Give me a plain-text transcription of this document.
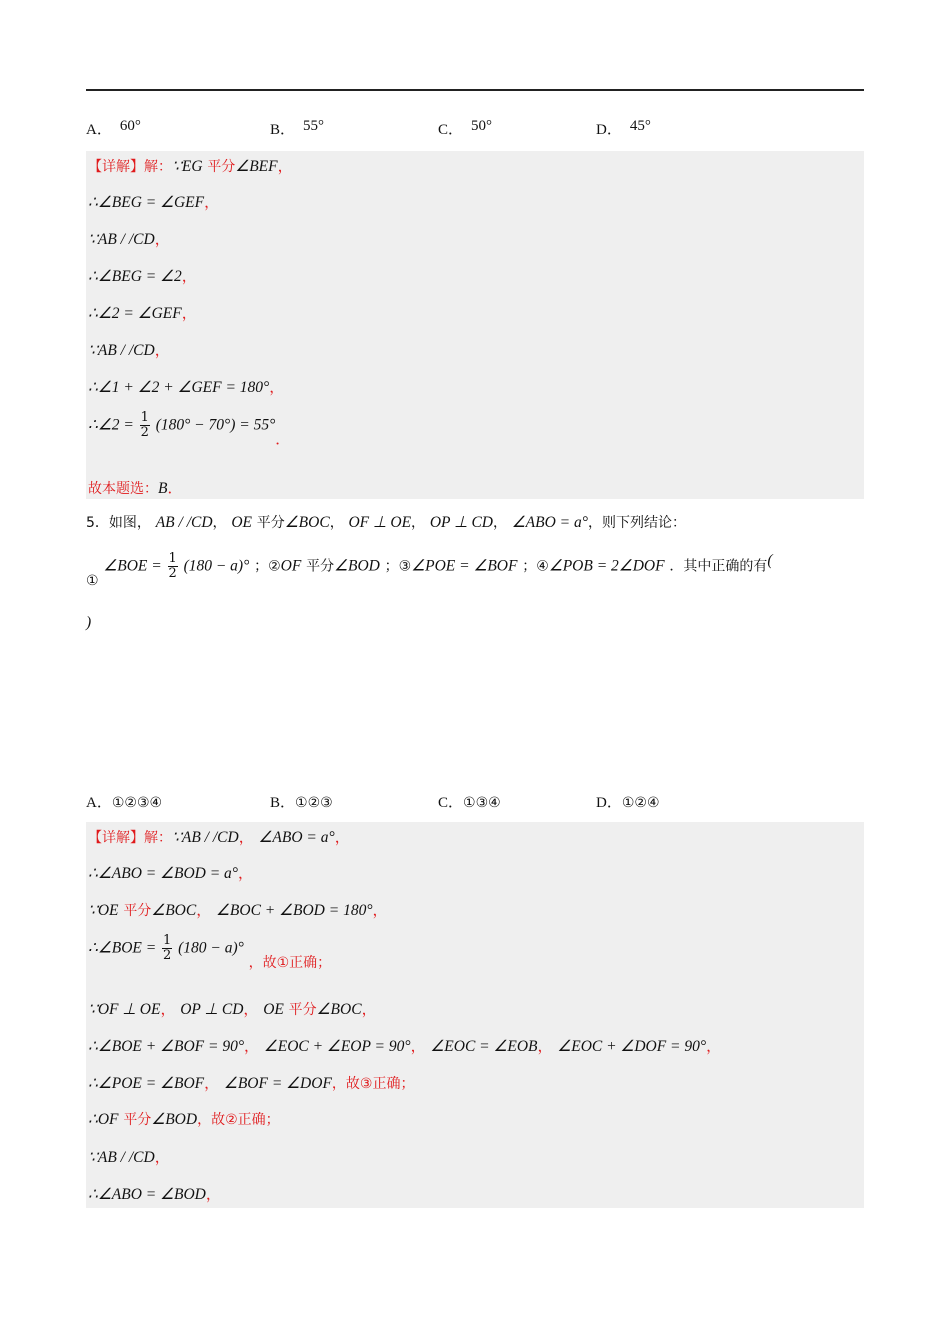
A． 60°	B． 55°	C． 50°	D． 45°
【详解】解：∵EG 平分∠BEF，
∴∠BEG = ∠GEF，
∵AB / /CD，
∴∠BEG = ∠2，
∴∠2 = ∠GEF，
∵AB / /CD，
∴∠1 + ∠2 + ∠GEF = 180°，
∴∠2 = $\frac{1}{2} (180^\circ - 70^\circ) = 55^\circ$．
故本题选：B．
5．如图， AB / /CD， OE 平分∠BOC， OF ⊥ OE， OP ⊥ CD， ∠ABO = a°，则下列结论：
① ∠BOE = $\frac{1}{2} (180 - a)^\circ$ ；②OF 平分∠BOD ；③∠POE = ∠BOF ；④∠POB = 2∠DOF ．其中正确的有(
)
A．①②③④	B．①②③	C．①③④	D．①②④
【详解】解：∵AB / /CD， ∠ABO = a°，
∴∠ABO = ∠BOD = a°，
∵OE 平分∠BOC， ∠BOC + ∠BOD = 180°，
∴∠BOE = $\frac{1}{2} (180 - a)^\circ$ ，故①正确；
∵OF ⊥ OE， OP ⊥ CD， OE 平分∠BOC，
∴∠BOE + ∠BOF = 90°， ∠EOC + ∠EOP = 90°， ∠EOC = ∠EOB， ∠EOC + ∠DOF = 90°，
∴∠POE = ∠BOF， ∠BOF = ∠DOF，故③正确；
∴OF 平分∠BOD，故②正确；
∵AB / /CD，
∴∠ABO = ∠BOD，
